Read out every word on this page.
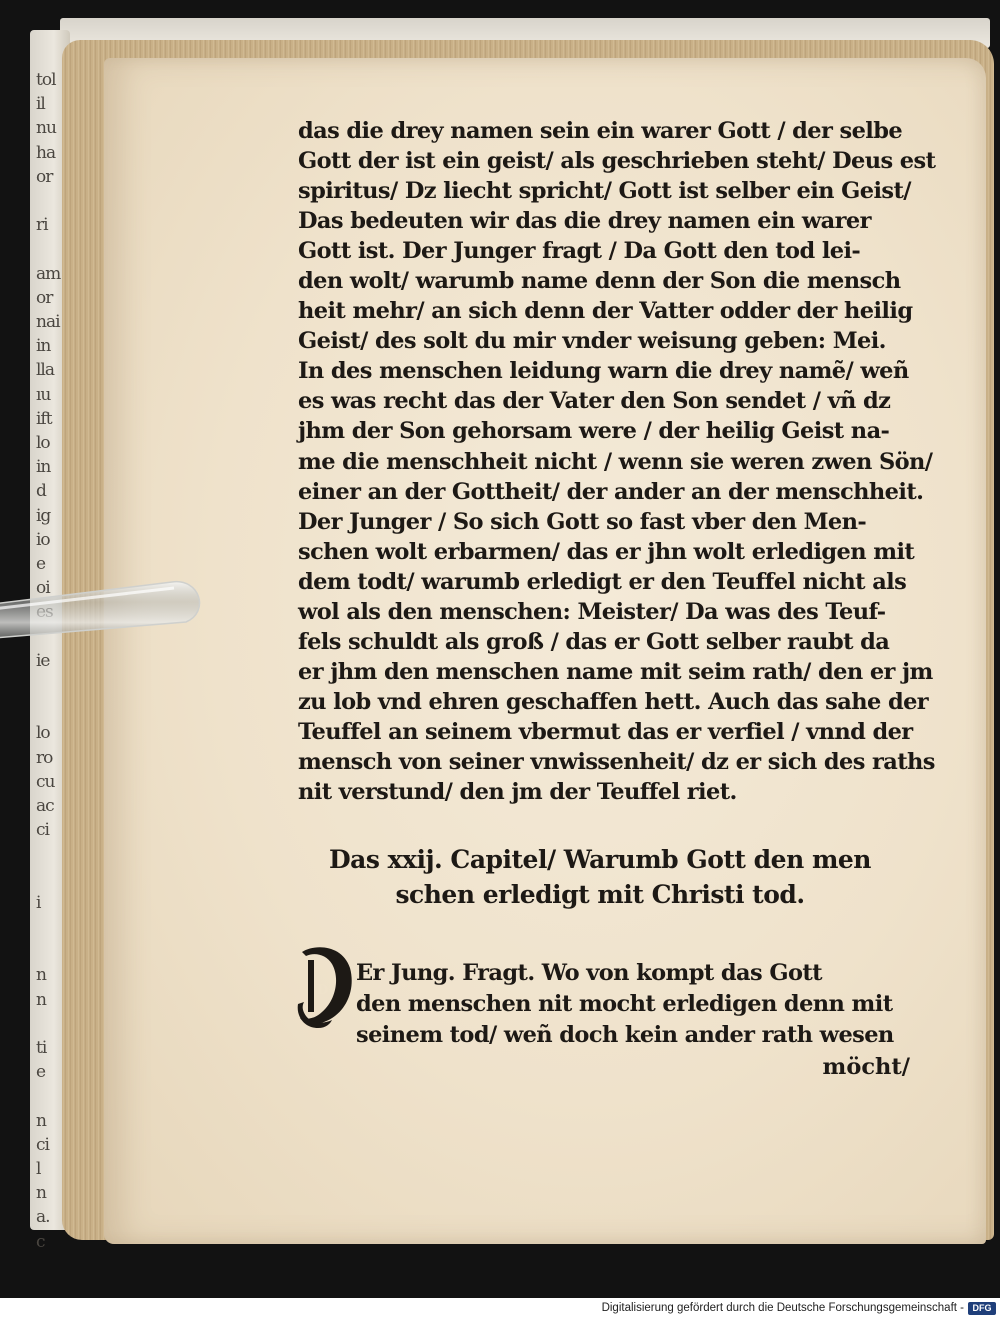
tol
il
nu
ha
or
ri
am
or
nai
in
lla
ıu
ift
lo
in
d
ig
io
e
oi
ie
lo
ro
cu
ac
ci
i
n
n
ti
e
n
ci
l
n
a.
c
das die drey namen sein ein warer Gott / der selbe
Gott der ist ein geist/ als geschrieben steht/ Deus est
spiritus/ Dz liecht spricht/ Gott ist selber ein Geist/
Das bedeuten wir das die drey namen ein warer
Gott ist. Der Junger fragt / Da Gott den tod lei-
den wolt/ warumb name denn der Son die mensch
heit mehr/ an sich denn der Vatter odder der heilig
Geist/ des solt du mir vnder weisung geben: Mei.
In des menschen leidung warn die drey namẽ/ weñ
es was recht das der Vater den Son sendet / vñ dz
jhm der Son gehorsam were / der heilig Geist na-
me die menschheit nicht / wenn sie weren zwen Sön/
einer an der Gottheit/ der ander an der menschheit.
Der Junger / So sich Gott so fast vber den Men-
schen wolt erbarmen/ das er jhn wolt erledigen mit
dem todt/ warumb erledigt er den Teuffel nicht als
wol als den menschen: Meister/ Da was des Teuf-
fels schuldt als groß / das er Gott selber raubt da
er jhm den menschen name mit seim rath/ den er jm
zu lob vnd ehren geschaffen hett. Auch das sahe der
Teuffel an seinem vbermut das er verfiel / vnnd der
mensch von seiner vnwissenheit/ dz er sich des raths
nit verstund/ den jm der Teuffel riet.
Das xxij. Capitel/ Warumb Gott den men
schen erledigt mit Christi tod.
D
Er Jung. Fragt. Wo von kompt das Gott
den menschen nit mocht erledigen denn mit
seinem tod/ weñ doch kein ander rath wesen
möcht/
Digitalisierung gefördert durch die Deutsche Forschungsgemeinschaft - DFG
